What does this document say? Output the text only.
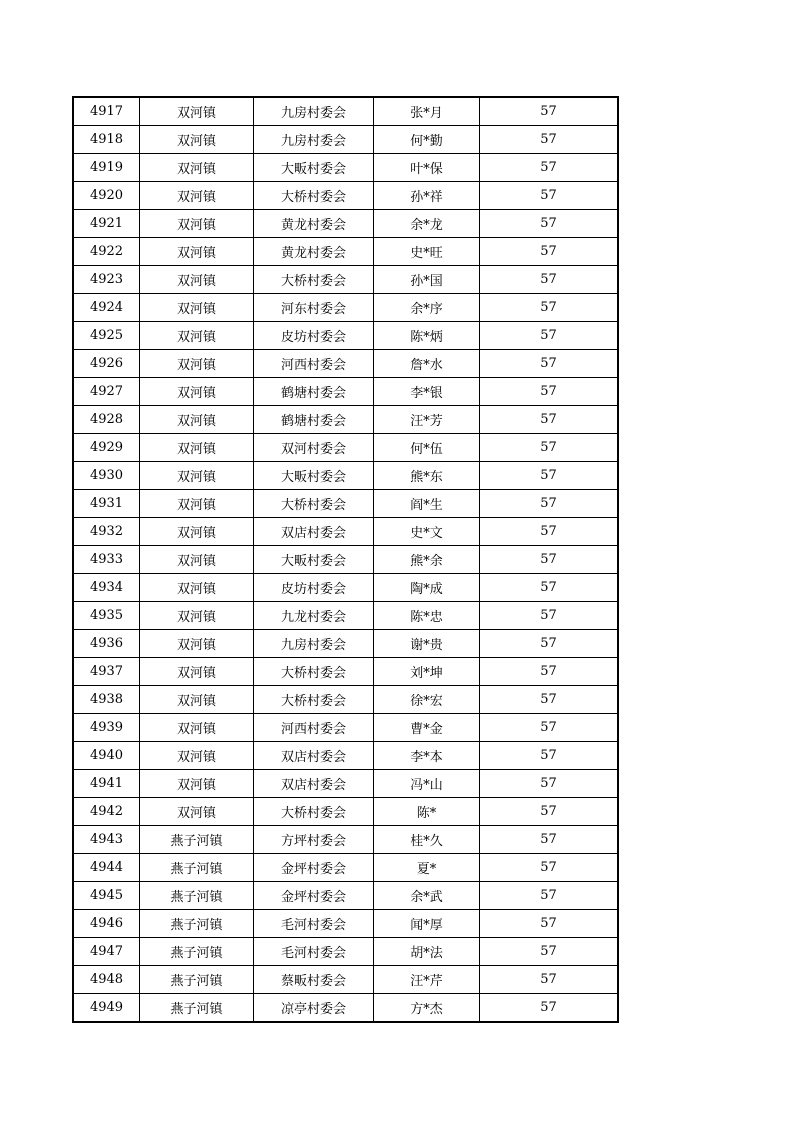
4917	双河镇	九房村委会	张*月	57
4918	双河镇	九房村委会	何*勤	57
4919	双河镇	大畈村委会	叶*保	57
4920	双河镇	大桥村委会	孙*祥	57
4921	双河镇	黄龙村委会	余*龙	57
4922	双河镇	黄龙村委会	史*旺	57
4923	双河镇	大桥村委会	孙*国	57
4924	双河镇	河东村委会	余*序	57
4925	双河镇	皮坊村委会	陈*炳	57
4926	双河镇	河西村委会	詹*水	57
4927	双河镇	鹤塘村委会	李*银	57
4928	双河镇	鹤塘村委会	汪*芳	57
4929	双河镇	双河村委会	何*伍	57
4930	双河镇	大畈村委会	熊*东	57
4931	双河镇	大桥村委会	阎*生	57
4932	双河镇	双店村委会	史*文	57
4933	双河镇	大畈村委会	熊*余	57
4934	双河镇	皮坊村委会	陶*成	57
4935	双河镇	九龙村委会	陈*忠	57
4936	双河镇	九房村委会	谢*贵	57
4937	双河镇	大桥村委会	刘*坤	57
4938	双河镇	大桥村委会	徐*宏	57
4939	双河镇	河西村委会	曹*金	57
4940	双河镇	双店村委会	李*本	57
4941	双河镇	双店村委会	冯*山	57
4942	双河镇	大桥村委会	陈*	57
4943	燕子河镇	方坪村委会	桂*久	57
4944	燕子河镇	金坪村委会	夏*	57
4945	燕子河镇	金坪村委会	余*武	57
4946	燕子河镇	毛河村委会	闻*厚	57
4947	燕子河镇	毛河村委会	胡*法	57
4948	燕子河镇	蔡畈村委会	汪*芹	57
4949	燕子河镇	凉亭村委会	方*杰	57
